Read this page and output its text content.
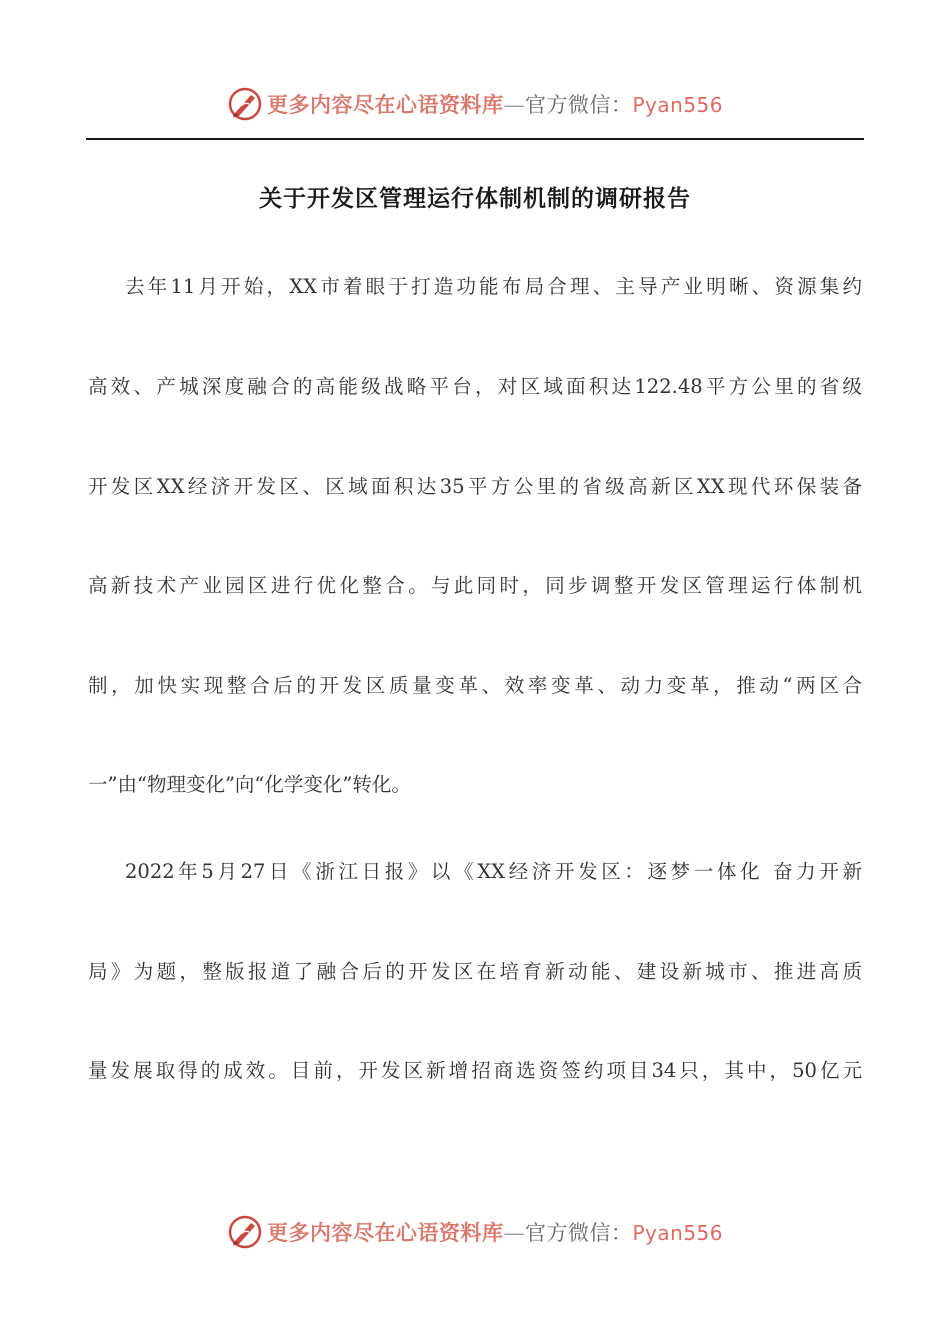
更多内容尽在心语资料库—官方微信：Pyan556
关于开发区管理运行体制机制的调研报告
去年11月开始，XX市着眼于打造功能布局合理、主导产业明晰、资源集约
高效、产城深度融合的高能级战略平台，对区域面积达122.48平方公里的省级
开发区XX经济开发区、区域面积达35平方公里的省级高新区XX现代环保装备
高新技术产业园区进行优化整合。与此同时，同步调整开发区管理运行体制机
制，加快实现整合后的开发区质量变革、效率变革、动力变革，推动“两区合
一”由“物理变化”向“化学变化”转化。
2022年5月27日《浙江日报》以《XX经济开发区：逐梦一体化 奋力开新
局》为题，整版报道了融合后的开发区在培育新动能、建设新城市、推进高质
量发展取得的成效。目前，开发区新增招商选资签约项目34只，其中，50亿元
更多内容尽在心语资料库—官方微信：Pyan556
